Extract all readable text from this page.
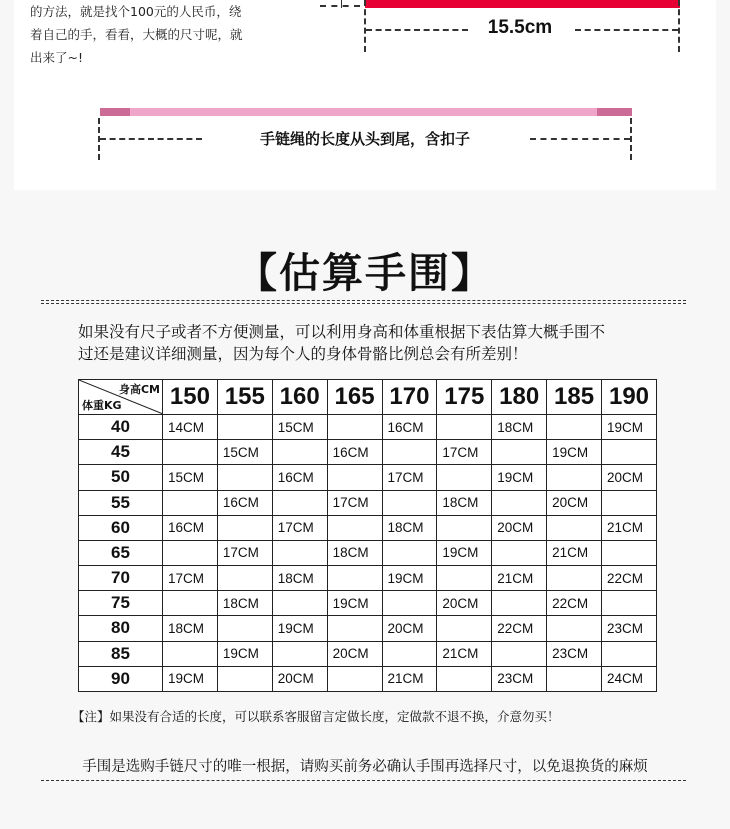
的方法，就是找个100元的人民币，绕
着自己的手，看看，大概的尺寸呢，就
出来了~!
15.5cm
手链绳的长度从头到尾，含扣子
【估算手围】
如果没有尺子或者不方便测量，可以利用身高和体重根据下表估算大概手围不
过还是建议详细测量，因为每个人的身体骨骼比例总会有所差别！
身高CM
体重KG	150	155	160	165	170	175	180	185	190
40	14CM		15CM		16CM		18CM		19CM
45		15CM		16CM		17CM		19CM	
50	15CM		16CM		17CM		19CM		20CM
55		16CM		17CM		18CM		20CM	
60	16CM		17CM		18CM		20CM		21CM
65		17CM		18CM		19CM		21CM	
70	17CM		18CM		19CM		21CM		22CM
75		18CM		19CM		20CM		22CM	
80	18CM		19CM		20CM		22CM		23CM
85		19CM		20CM		21CM		23CM	
90	19CM		20CM		21CM		23CM		24CM
【注】如果没有合适的长度，可以联系客服留言定做长度，定做款不退不换，介意勿买！
手围是选购手链尺寸的唯一根据，请购买前务必确认手围再选择尺寸，以免退换货的麻烦
